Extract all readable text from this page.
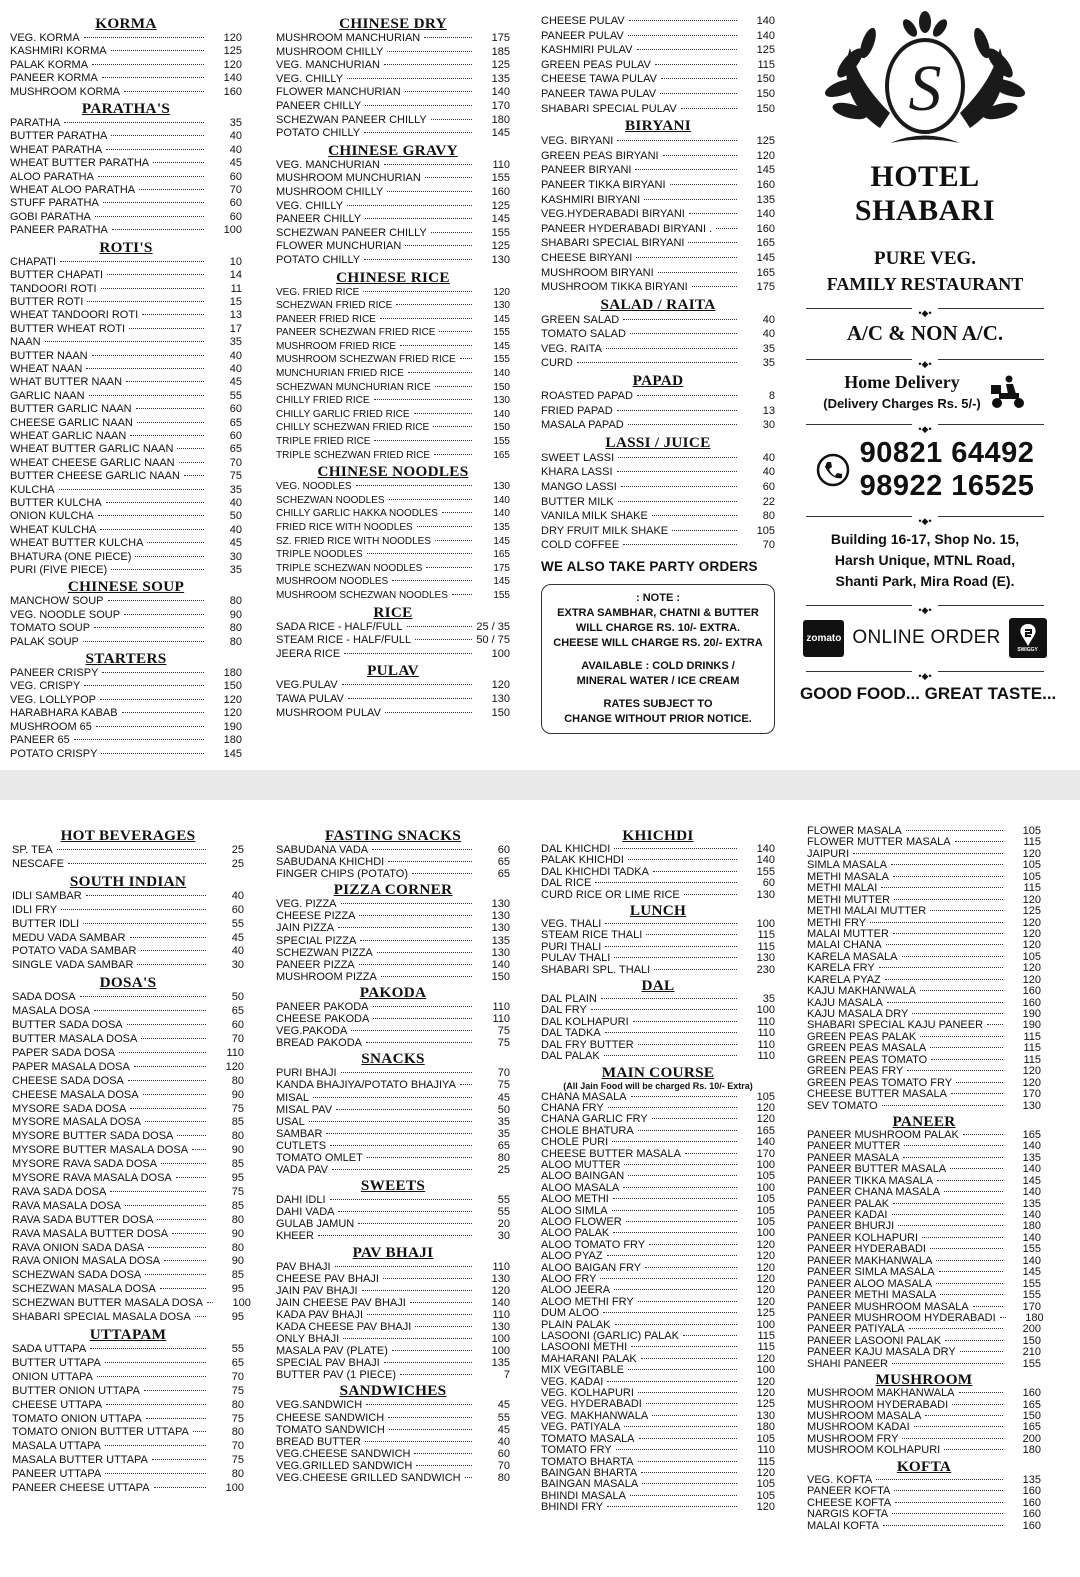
KORMA
VEG. KORMA	120
KASHMIRI KORMA	125
PALAK KORMA	120
PANEER KORMA	140
MUSHROOM KORMA	160
PARATHA'S
PARATHA	35
BUTTER PARATHA	40
WHEAT PARATHA	40
WHEAT BUTTER PARATHA	45
ALOO PARATHA	60
WHEAT ALOO PARATHA	70
STUFF PARATHA	60
GOBI PARATHA	60
PANEER PARATHA	100
ROTI'S
CHAPATI	10
BUTTER CHAPATI	14
TANDOORI ROTI	11
BUTTER ROTI	15
WHEAT TANDOORI ROTI	13
BUTTER WHEAT ROTI	17
NAAN	35
BUTTER NAAN	40
WHEAT NAAN	40
WHAT BUTTER NAAN	45
GARLIC NAAN	55
BUTTER GARLIC NAAN	60
CHEESE GARLIC NAAN	65
WHEAT GARLIC NAAN	60
WHEAT BUTTER GARLIC NAAN	65
WHEAT CHEESE GARLIC NAAN	70
BUTTER CHEESE GARLIC NAAN	75
KULCHA	35
BUTTER KULCHA	40
ONION KULCHA	50
WHEAT KULCHA	40
WHEAT BUTTER KULCHA	45
BHATURA (ONE PIECE)	30
PURI (FIVE PIECE)	35
CHINESE SOUP
MANCHOW SOUP	80
VEG. NOODLE SOUP	90
TOMATO SOUP	80
PALAK SOUP	80
STARTERS
PANEER CRISPY	180
VEG. CRISPY	150
VEG. LOLLYPOP	120
HARABHARA KABAB	120
MUSHROOM 65	190
PANEER 65	180
POTATO CRISPY	145
CHINESE DRY
MUSHROOM MANCHURIAN	175
MUSHROOM CHILLY	185
VEG. MANCHURIAN	125
VEG. CHILLY	135
FLOWER MANCHURIAN	140
PANEER CHILLY	170
SCHEZWAN PANEER CHILLY	180
POTATO CHILLY	145
CHINESE GRAVY
VEG. MANCHURIAN	110
MUSHROOM MUNCHURIAN	155
MUSHROOM CHILLY	160
VEG. CHILLY	125
PANEER CHILLY	145
SCHEZWAN PANEER CHILLY	155
FLOWER MUNCHURIAN	125
POTATO CHILLY	130
CHINESE RICE
VEG. FRIED RICE	120
SCHEZWAN FRIED RICE	130
PANEER FRIED RICE	145
PANEER SCHEZWAN FRIED RICE	155
MUSHROOM FRIED RICE	145
MUSHROOM SCHEZWAN FRIED RICE	155
MUNCHURIAN FRIED RICE	140
SCHEZWAN MUNCHURIAN RICE	150
CHILLY FRIED RICE	130
CHILLY GARLIC FRIED RICE	140
CHILLY SCHEZWAN FRIED RICE	150
TRIPLE FRIED RICE	155
TRIPLE SCHEZWAN FRIED RICE	165
CHINESE NOODLES
VEG. NOODLES	130
SCHEZWAN NOODLES	140
CHILLY GARLIC HAKKA NOODLES	140
FRIED RICE WITH NOODLES	135
SZ. FRIED RICE WITH NOODLES	145
TRIPLE NOODLES	165
TRIPLE SCHEZWAN NOODLES	175
MUSHROOM NOODLES	145
MUSHROOM SCHEZWAN NOODLES	155
RICE
SADA RICE - HALF/FULL	25 / 35
STEAM RICE - HALF/FULL	50 / 75
JEERA RICE	100
PULAV
VEG.PULAV	120
TAWA PULAV	130
MUSHROOM PULAV	150
CHEESE PULAV	140
PANEER PULAV	140
KASHMIRI PULAV	125
GREEN PEAS PULAV	115
CHEESE TAWA PULAV	150
PANEER TAWA PULAV	150
SHABARI SPECIAL PULAV	150
BIRYANI
VEG. BIRYANI	125
GREEN PEAS BIRYANI	120
PANEER BIRYANI	145
PANEER TIKKA BIRYANI	160
KASHMIRI BIRYANI	135
VEG.HYDERABADI BIRYANI	140
PANEER HYDERABADI BIRYANI .	160
SHABARI SPECIAL BIRYANI	165
CHEESE BIRYANI	145
MUSHROOM BIRYANI	165
MUSHROOM TIKKA BIRYANI	175
SALAD / RAITA
GREEN SALAD	40
TOMATO SALAD	40
VEG. RAITA	35
CURD	35
PAPAD
ROASTED PAPAD	8
FRIED PAPAD	13
MASALA PAPAD	30
LASSI / JUICE
SWEET LASSI	40
KHARA LASSI	40
MANGO LASSI	60
BUTTER MILK	22
VANILA MILK SHAKE	80
DRY FRUIT MILK SHAKE	105
COLD COFFEE	70
WE ALSO TAKE PARTY ORDERS
: NOTE :
EXTRA SAMBHAR, CHATNI & BUTTER
WILL CHARGE RS. 10/- EXTRA.
CHEESE WILL CHARGE RS. 20/- EXTRA
AVAILABLE : COLD DRINKS /
MINERAL WATER / ICE CREAM
RATES SUBJECT TO
CHANGE WITHOUT PRIOR NOTICE.
S
HOTEL SHABARI
PURE VEG.
FAMILY RESTAURANT
•◆•
A/C & NON A/C.
•◆•
Home Delivery
(Delivery Charges Rs. 5/-)
•◆•
90821 64492
98922 16525
•◆•
Building 16-17, Shop No. 15,
Harsh Unique, MTNL Road,
Shanti Park, Mira Road (E).
•◆•
zomato ONLINE ORDER
SWIGGY
•◆•
GOOD FOOD... GREAT TASTE...
HOT BEVERAGES
SP. TEA	25
NESCAFE	25
SOUTH INDIAN
IDLI SAMBAR	40
IDLI FRY	60
BUTTER IDLI	55
MEDU VADA SAMBAR	45
POTATO VADA SAMBAR	40
SINGLE VADA SAMBAR	30
DOSA'S
SADA DOSA	50
MASALA DOSA	65
BUTTER SADA DOSA	60
BUTTER MASALA DOSA	70
PAPER SADA DOSA	110
PAPER MASALA DOSA	120
CHEESE SADA DOSA	80
CHEESE MASALA DOSA	90
MYSORE SADA DOSA	75
MYSORE MASALA DOSA	85
MYSORE BUTTER SADA DOSA	80
MYSORE BUTTER MASALA DOSA	90
MYSORE RAVA SADA DOSA	85
MYSORE RAVA MASALA DOSA	95
RAVA SADA DOSA	75
RAVA MASALA DOSA	85
RAVA SADA BUTTER DOSA	80
RAVA MASALA BUTTER DOSA	90
RAVA ONION SADA DASA	80
RAVA ONION MASALA DOSA	90
SCHEZWAN SADA DOSA	85
SCHEZWAN MASALA DOSA	95
SCHEZWAN BUTTER MASALA DOSA	100
SHABARI SPECIAL MASALA DOSA	95
UTTAPAM
SADA UTTAPA	55
BUTTER UTTAPA	65
ONION UTTAPA	70
BUTTER ONION UTTAPA	75
CHEESE UTTAPA	80
TOMATO ONION UTTAPA	75
TOMATO ONION BUTTER UTTAPA	80
MASALA UTTAPA	70
MASALA BUTTER UTTAPA	75
PANEER UTTAPA	80
PANEER CHEESE UTTAPA	100
FASTING SNACKS
SABUDANA VADA	60
SABUDANA KHICHDI	65
FINGER CHIPS (POTATO)	65
PIZZA CORNER
VEG. PIZZA	130
CHEESE PIZZA	130
JAIN PIZZA	130
SPECIAL PIZZA	135
SCHEZWAN PIZZA	130
PANEER PIZZA	140
MUSHROOM PIZZA	150
PAKODA
PANEER PAKODA	110
CHEESE PAKODA	110
VEG.PAKODA	75
BREAD PAKODA	75
SNACKS
PURI BHAJI	70
KANDA BHAJIYA/POTATO BHAJIYA	75
MISAL	45
MISAL PAV	50
USAL	35
SAMBAR	35
CUTLETS	65
TOMATO OMLET	80
VADA PAV	25
SWEETS
DAHI IDLI	55
DAHI VADA	55
GULAB JAMUN	20
KHEER	30
PAV BHAJI
PAV BHAJI	110
CHEESE PAV BHAJI	130
JAIN PAV BHAJI	120
JAIN CHEESE PAV BHAJI	140
KADA PAV BHAJI	110
KADA CHEESE PAV BHAJI	130
ONLY BHAJI	100
MASALA PAV (PLATE)	100
SPECIAL PAV BHAJI	135
BUTTER PAV (1 PIECE)	7
SANDWICHES
VEG.SANDWICH	45
CHEESE SANDWICH	55
TOMATO SANDWICH	45
BREAD BUTTER	40
VEG.CHEESE SANDWICH	60
VEG.GRILLED SANDWICH	70
VEG.CHEESE GRILLED SANDWICH	80
KHICHDI
DAL KHICHDI	140
PALAK KHICHDI	140
DAL KHICHDI TADKA	155
DAL RICE	60
CURD RICE OR LIME RICE	130
LUNCH
VEG. THALI	100
STEAM RICE THALI	115
PURI THALI	115
PULAV THALI	130
SHABARI SPL. THALI	230
DAL
DAL PLAIN	35
DAL FRY	100
DAL KOLHAPURI	110
DAL TADKA	110
DAL FRY BUTTER	110
DAL PALAK	110
MAIN COURSE
(All Jain Food will be charged Rs. 10/- Extra)
CHANA MASALA	105
CHANA FRY	120
CHANA GARLIC FRY	120
CHOLE BHATURA	165
CHOLE PURI	140
CHEESE BUTTER MASALA	170
ALOO MUTTER	100
ALOO BAINGAN	105
ALOO MASALA	100
ALOO METHI	105
ALOO SIMLA	105
ALOO FLOWER	105
ALOO PALAK	100
ALOO TOMATO FRY	120
ALOO PYAZ	120
ALOO BAIGAN FRY	120
ALOO FRY	120
ALOO JEERA	120
ALOO METHI FRY	120
DUM ALOO	125
PLAIN PALAK	100
LASOONI (GARLIC) PALAK	115
LASOONI METHI	115
MAHARANI PALAK	120
MIX VEGITABLE	100
VEG. KADAI	120
VEG. KOLHAPURI	120
VEG. HYDERABADI	125
VEG. MAKHANWALA	130
VEG. PATIYALA	180
TOMATO MASALA	105
TOMATO FRY	110
TOMATO BHARTA	115
BAINGAN BHARTA	120
BAINGAN MASALA	105
BHINDI MASALA	105
BHINDI FRY	120
FLOWER MASALA	105
FLOWER MUTTER MASALA	115
JAIPURI	120
SIMLA MASALA	105
METHI MASALA	105
METHI MALAI	115
METHI MUTTER	120
METHI MALAI MUTTER	125
METHI FRY	120
MALAI MUTTER	120
MALAI CHANA	120
KARELA MASALA	105
KARELA FRY	120
KARELA PYAZ	120
KAJU MAKHANWALA	160
KAJU MASALA	160
KAJU MASALA DRY	190
SHABARI SPECIAL KAJU PANEER	190
GREEN PEAS PALAK	115
GREEN PEAS MASALA	115
GREEN PEAS TOMATO	115
GREEN PEAS FRY	120
GREEN PEAS TOMATO FRY	120
CHEESE BUTTER MASALA	170
SEV TOMATO	130
PANEER
PANEER MUSHROOM PALAK	165
PANEER MUTTER	140
PANEER MASALA	135
PANEER BUTTER MASALA	140
PANEER TIKKA MASALA	145
PANEER CHANA MASALA	140
PANEER PALAK	135
PANEER KADAI	140
PANEER BHURJI	180
PANEER KOLHAPURI	140
PANEER HYDERABADI	155
PANEER MAKHANWALA	140
PANEER SIMLA MASALA	145
PANEER ALOO MASALA	155
PANEER METHI MASALA	155
PANEER MUSHROOM MASALA	170
PANEER MUSHROOM HYDERABADI	180
PANEER PATIYALA	200
PANEER LASOONI PALAK	150
PANEER KAJU MASALA DRY	210
SHAHI PANEER	155
MUSHROOM
MUSHROOM MAKHANWALA	160
MUSHROOM HYDERABADI	165
MUSHROOM MASALA	150
MUSHROOM KADAI	165
MUSHROOM FRY	200
MUSHROOM KOLHAPURI	180
KOFTA
VEG. KOFTA	135
PANEER KOFTA	160
CHEESE KOFTA	160
NARGIS KOFTA	160
MALAI KOFTA	160
